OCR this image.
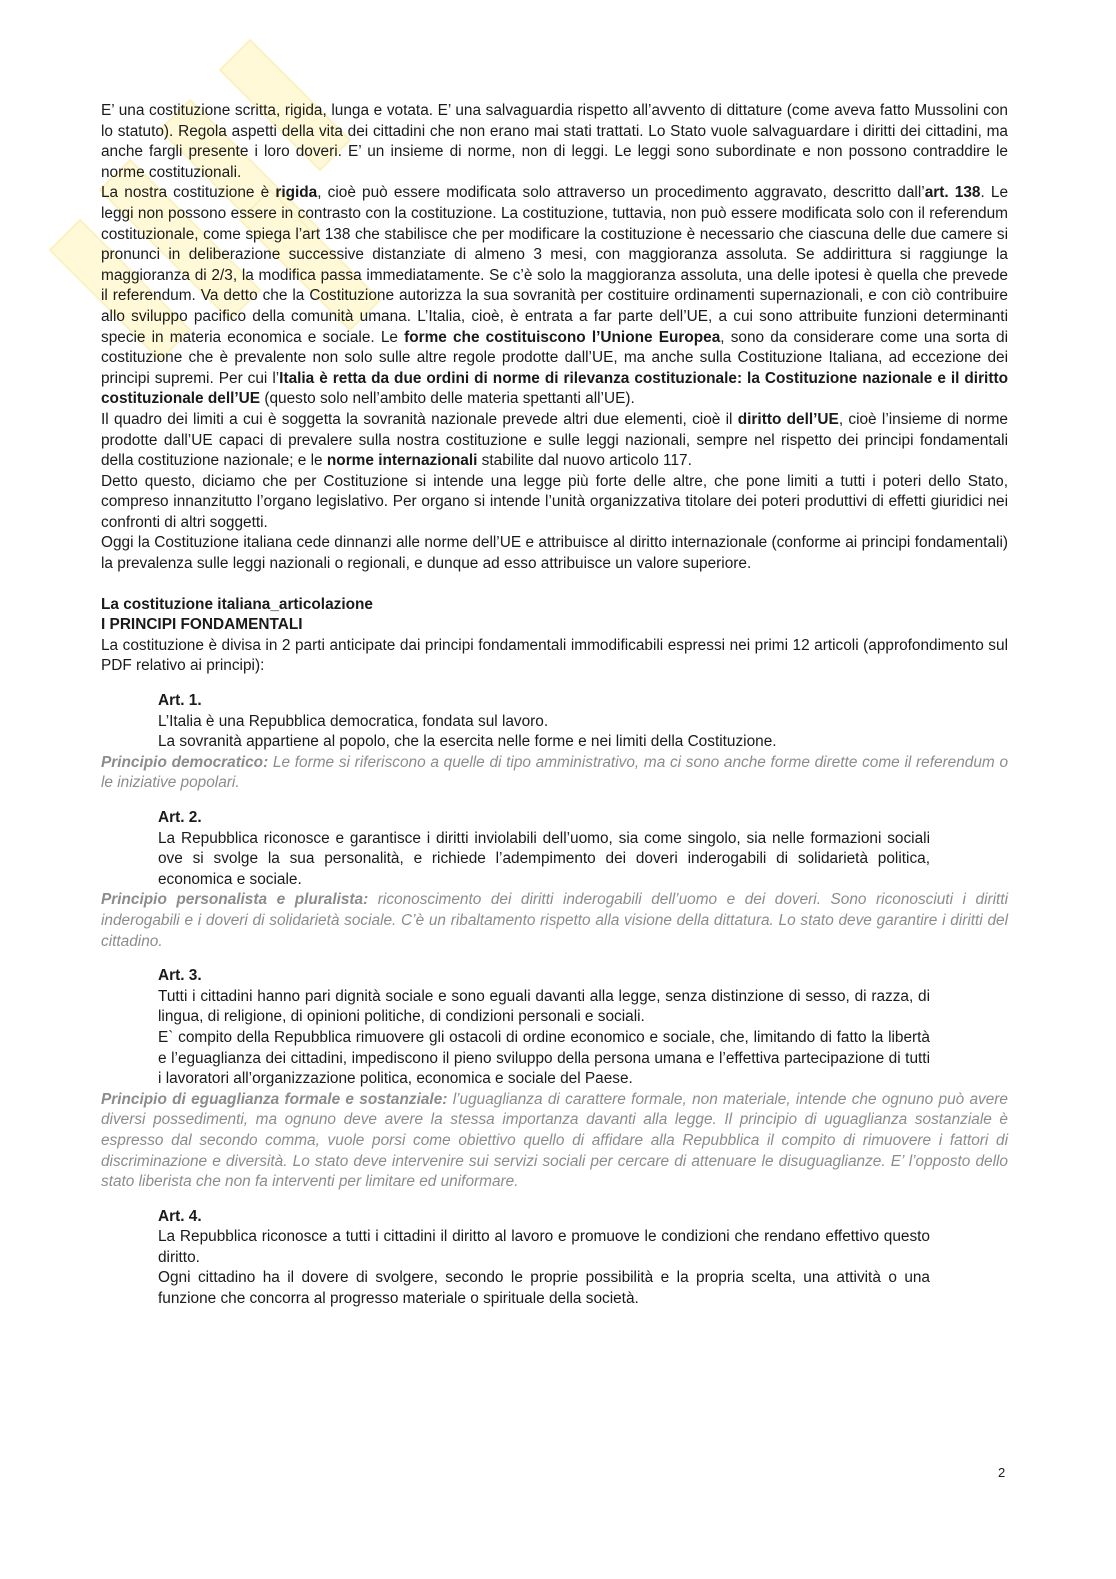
E’ una costituzione scritta, rigida, lunga e votata. E’ una salvaguardia rispetto all’avvento di dittature (come aveva fatto Mussolini con lo statuto). Regola aspetti della vita dei cittadini che non erano mai stati trattati. Lo Stato vuole salvaguardare i diritti dei cittadini, ma anche fargli presente i loro doveri. E’ un insieme di norme, non di leggi. Le leggi sono subordinate e non possono contraddire le norme costituzionali.

La nostra costituzione è rigida, cioè può essere modificata solo attraverso un procedimento aggravato, descritto dall’art. 138. Le leggi non possono essere in contrasto con la costituzione. La costituzione, tuttavia, non può essere modificata solo con il referendum costituzionale, come spiega l’art 138 che stabilisce che per modificare la costituzione è necessario che ciascuna delle due camere si pronunci in deliberazione successive distanziate di almeno 3 mesi, con maggioranza assoluta. Se addirittura si raggiunge la maggioranza di 2/3, la modifica passa immediatamente. Se c’è solo la maggioranza assoluta, una delle ipotesi è quella che prevede il referendum. Va detto che la Costituzione autorizza la sua sovranità per costituire ordinamenti supernazionali, e con ciò contribuire allo sviluppo pacifico della comunità umana. L’Italia, cioè, è entrata a far parte dell’UE, a cui sono attribuite funzioni determinanti specie in materia economica e sociale. Le forme che costituiscono l’Unione Europea, sono da considerare come una sorta di costituzione che è prevalente non solo sulle altre regole prodotte dall’UE, ma anche sulla Costituzione Italiana, ad eccezione dei principi supremi. Per cui l’Italia è retta da due ordini di norme di rilevanza costituzionale: la Costituzione nazionale e il diritto costituzionale dell’UE (questo solo nell’ambito delle materia spettanti all’UE).

Il quadro dei limiti a cui è soggetta la sovranità nazionale prevede altri due elementi, cioè il diritto dell’UE, cioè l’insieme di norme prodotte dall’UE capaci di prevalere sulla nostra costituzione e sulle leggi nazionali, sempre nel rispetto dei principi fondamentali della costituzione nazionale; e le norme internazionali stabilite dal nuovo articolo 117.

Detto questo, diciamo che per Costituzione si intende una legge più forte delle altre, che pone limiti a tutti i poteri dello Stato, compreso innanzitutto l’organo legislativo. Per organo si intende l’unità organizzativa titolare dei poteri produttivi di effetti giuridici nei confronti di altri soggetti.

Oggi la Costituzione italiana cede dinnanzi alle norme dell’UE e attribuisce al diritto internazionale (conforme ai principi fondamentali) la prevalenza sulle leggi nazionali o regionali, e dunque ad esso attribuisce un valore superiore.

La costituzione italiana_articolazione

I PRINCIPI FONDAMENTALI

La costituzione è divisa in 2 parti anticipate dai principi fondamentali immodificabili espressi nei primi 12 articoli (approfondimento sul PDF relativo ai principi):

Art. 1.

L’Italia è una Repubblica democratica, fondata sul lavoro.

La sovranità appartiene al popolo, che la esercita nelle forme e nei limiti della Costituzione.

Principio democratico: Le forme si riferiscono a quelle di tipo amministrativo, ma ci sono anche forme dirette come il referendum o le iniziative popolari.

Art. 2.

La Repubblica riconosce e garantisce i diritti inviolabili dell’uomo, sia come singolo, sia nelle formazioni sociali ove si svolge la sua personalità, e richiede l’adempimento dei doveri inderogabili di solidarietà politica, economica e sociale.

Principio personalista e pluralista: riconoscimento dei diritti inderogabili dell’uomo e dei doveri. Sono riconosciuti i diritti inderogabili e i doveri di solidarietà sociale. C’è un ribaltamento rispetto alla visione della dittatura. Lo stato deve garantire i diritti del cittadino.

Art. 3.

Tutti i cittadini hanno pari dignità sociale e sono eguali davanti alla legge, senza distinzione di sesso, di razza, di lingua, di religione, di opinioni politiche, di condizioni personali e sociali.

E` compito della Repubblica rimuovere gli ostacoli di ordine economico e sociale, che, limitando di fatto la libertà e l’eguaglianza dei cittadini, impediscono il pieno sviluppo della persona umana e l’effettiva partecipazione di tutti i lavoratori all’organizzazione politica, economica e sociale del Paese.

Principio di eguaglianza formale e sostanziale: l’uguaglianza di carattere formale, non materiale, intende che ognuno può avere diversi possedimenti, ma ognuno deve avere la stessa importanza davanti alla legge. Il principio di uguaglianza sostanziale è espresso dal secondo comma, vuole porsi come obiettivo quello di affidare alla Repubblica il compito di rimuovere i fattori di discriminazione e diversità. Lo stato deve intervenire sui servizi sociali per cercare di attenuare le disuguaglianze. E’ l’opposto dello stato liberista che non fa interventi per limitare ed uniformare.

Art. 4.

La Repubblica riconosce a tutti i cittadini il diritto al lavoro e promuove le condizioni che rendano effettivo questo diritto.

Ogni cittadino ha il dovere di svolgere, secondo le proprie possibilità e la propria scelta, una attività o una funzione che concorra al progresso materiale o spirituale della società.

2
